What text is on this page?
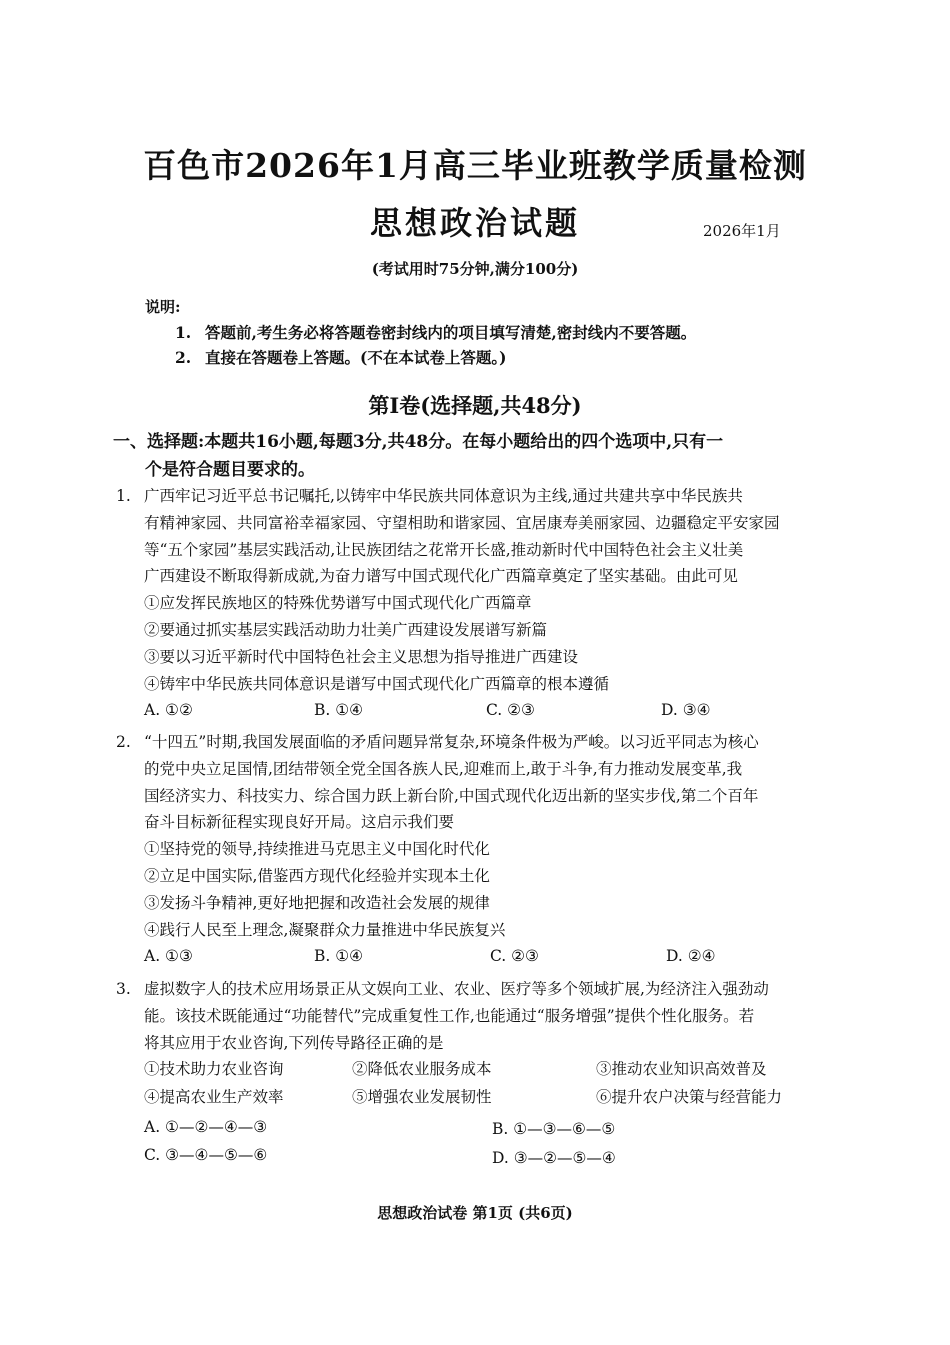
百色市2026年1月高三毕业班教学质量检测
思想政治试题	2026年1月
(考试用时75分钟,满分100分)
说明:
1. 答题前,考生务必将答题卷密封线内的项目填写清楚,密封线内不要答题。
2. 直接在答题卷上答题。(不在本试卷上答题。)
第I卷(选择题,共48分)
一、选择题:本题共16小题,每题3分,共48分。在每小题给出的四个选项中,只有一
个是符合题目要求的。
1. 广西牢记习近平总书记嘱托,以铸牢中华民族共同体意识为主线,通过共建共享中华民族共
有精神家园、共同富裕幸福家园、守望相助和谐家园、宜居康寿美丽家园、边疆稳定平安家园
等“五个家园”基层实践活动,让民族团结之花常开长盛,推动新时代中国特色社会主义壮美
广西建设不断取得新成就,为奋力谱写中国式现代化广西篇章奠定了坚实基础。由此可见
①应发挥民族地区的特殊优势谱写中国式现代化广西篇章
②要通过抓实基层实践活动助力壮美广西建设发展谱写新篇
③要以习近平新时代中国特色社会主义思想为指导推进广西建设
④铸牢中华民族共同体意识是谱写中国式现代化广西篇章的根本遵循
A. ①②	B. ①④	C. ②③	D. ③④
2. “十四五”时期,我国发展面临的矛盾问题异常复杂,环境条件极为严峻。以习近平同志为核心
的党中央立足国情,团结带领全党全国各族人民,迎难而上,敢于斗争,有力推动发展变革,我
国经济实力、科技实力、综合国力跃上新台阶,中国式现代化迈出新的坚实步伐,第二个百年
奋斗目标新征程实现良好开局。这启示我们要
①坚持党的领导,持续推进马克思主义中国化时代化
②立足中国实际,借鉴西方现代化经验并实现本土化
③发扬斗争精神,更好地把握和改造社会发展的规律
④践行人民至上理念,凝聚群众力量推进中华民族复兴
A. ①③	B. ①④	C. ②③	D. ②④
3. 虚拟数字人的技术应用场景正从文娱向工业、农业、医疗等多个领域扩展,为经济注入强劲动
能。该技术既能通过“功能替代”完成重复性工作,也能通过“服务增强”提供个性化服务。若
将其应用于农业咨询,下列传导路径正确的是
①技术助力农业咨询	②降低农业服务成本	③推动农业知识高效普及
④提高农业生产效率	⑤增强农业发展韧性	⑥提升农户决策与经营能力
A. ①—②—④—③	B. ①—③—⑥—⑤
C. ③—④—⑤—⑥	D. ③—②—⑤—④
思想政治试卷 第1页 (共6页)
